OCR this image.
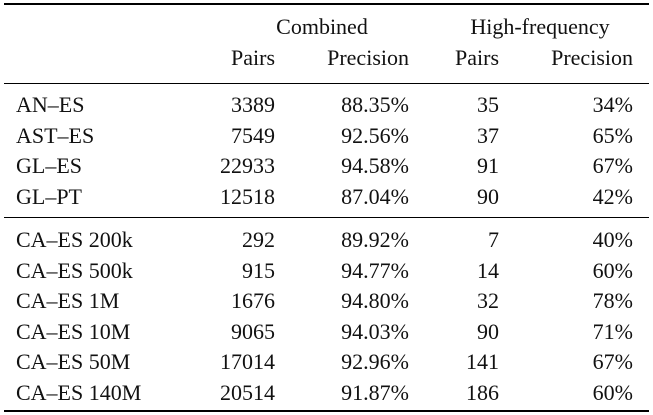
Combined	High-frequency
Pairs Precision Pairs Precision
AN–ES	3389	88.35%	35	34%
AST–ES	7549	92.56%	37	65%
GL–ES	22933	94.58%	91	67%
GL–PT	12518	87.04%	90	42%
CA–ES 200k	292	89.92%	7	40%
CA–ES 500k	915	94.77%	14	60%
CA–ES 1M	1676	94.80%	32	78%
CA–ES 10M	9065	94.03%	90	71%
CA–ES 50M	17014	92.96%	141	67%
CA–ES 140M	20514	91.87%	186	60%
